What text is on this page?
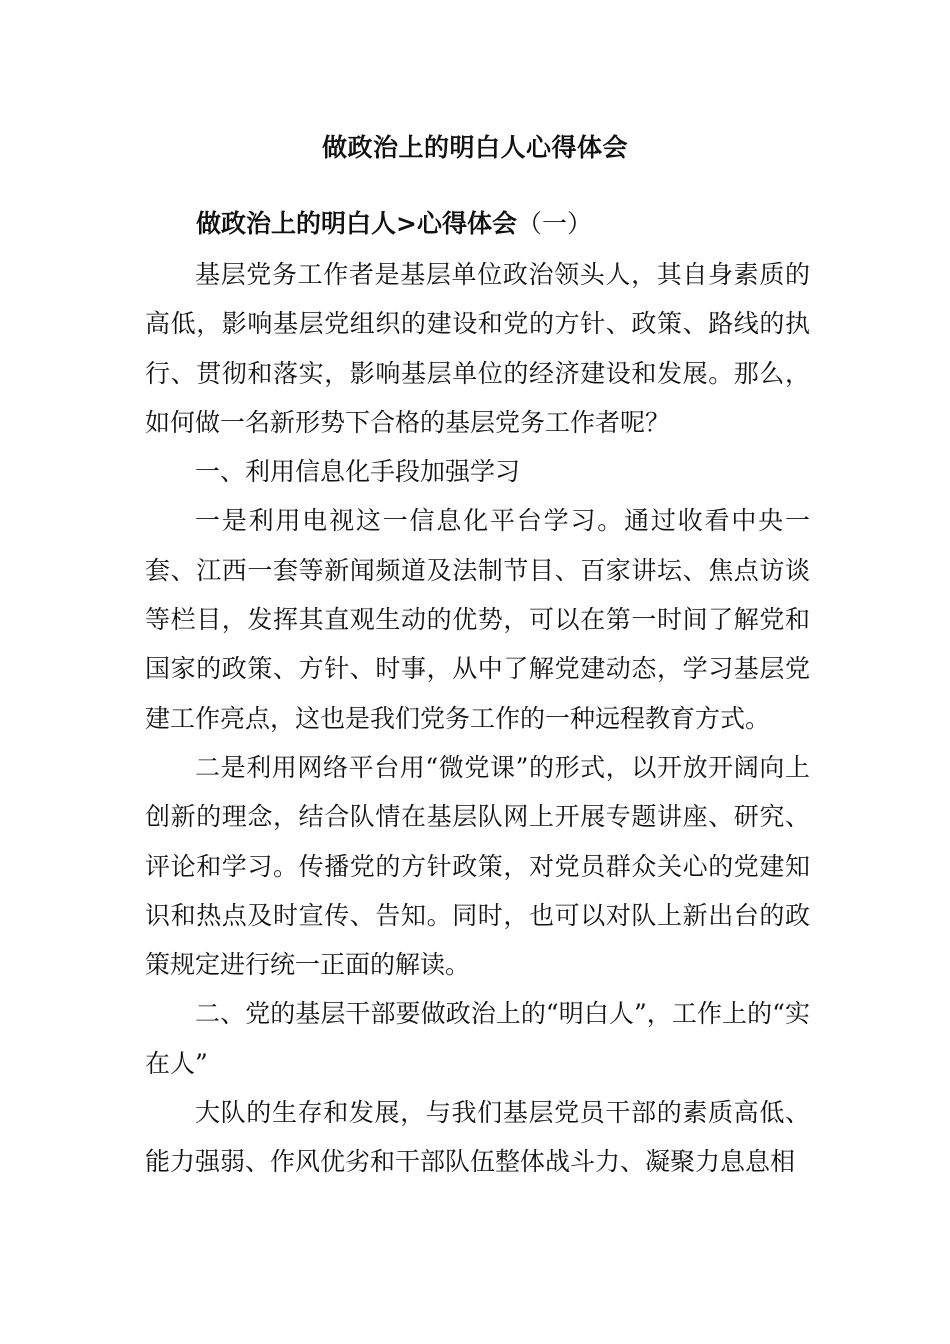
做政治上的明白人心得体会
做政治上的明白人>心得体会（一）

基层党务工作者是基层单位政治领头人，其自身素质的高低，影响基层党组织的建设和党的方针、政策、路线的执行、贯彻和落实，影响基层单位的经济建设和发展。那么，如何做一名新形势下合格的基层党务工作者呢？

一、利用信息化手段加强学习

一是利用电视这一信息化平台学习。通过收看中央一套、江西一套等新闻频道及法制节目、百家讲坛、焦点访谈等栏目，发挥其直观生动的优势，可以在第一时间了解党和国家的政策、方针、时事，从中了解党建动态，学习基层党建工作亮点，这也是我们党务工作的一种远程教育方式。

二是利用网络平台用“微党课”的形式，以开放开阔向上创新的理念，结合队情在基层队网上开展专题讲座、研究、评论和学习。传播党的方针政策，对党员群众关心的党建知识和热点及时宣传、告知。同时，也可以对队上新出台的政策规定进行统一正面的解读。

二、党的基层干部要做政治上的“明白人”，工作上的“实在人”

大队的生存和发展，与我们基层党员干部的素质高低、能力强弱、作风优劣和干部队伍整体战斗力、凝聚力息息相
